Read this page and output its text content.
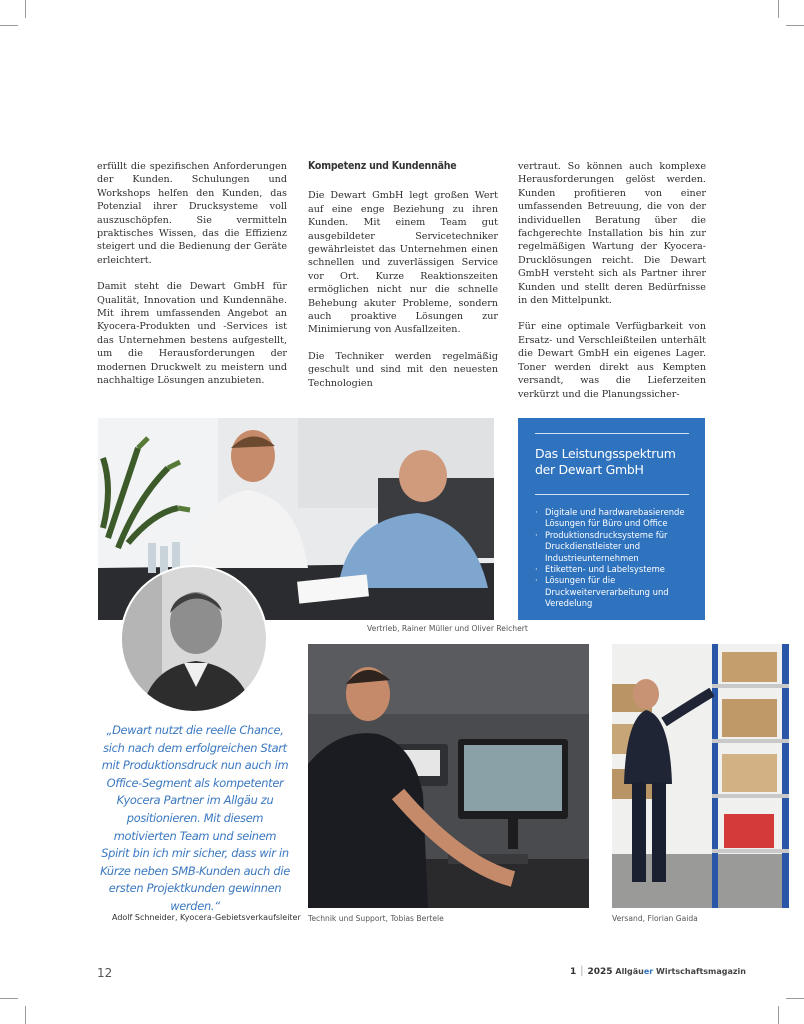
erfüllt die spezifischen Anforderungen der Kunden. Schulungen und Workshops helfen den Kunden, das Potenzial ihrer Drucksysteme voll auszuschöpfen. Sie vermitteln praktisches Wissen, das die Effizienz steigert und die Bedienung der Geräte erleichtert.

Damit steht die Dewart GmbH für Qualität, Innovation und Kundennähe. Mit ihrem umfassenden Angebot an Kyocera-Produkten und -Services ist das Unternehmen bestens aufgestellt, um die Herausforderungen der modernen Druckwelt zu meistern und nachhaltige Lösungen anzubieten.

Kompetenz und Kundennähe

Die Dewart GmbH legt großen Wert auf eine enge Beziehung zu ihren Kunden. Mit einem Team gut ausgebildeter Servicetechniker gewährleistet das Unternehmen einen schnellen und zuverlässigen Service vor Ort. Kurze Reaktionszeiten ermöglichen nicht nur die schnelle Behebung akuter Probleme, sondern auch proaktive Lösungen zur Minimierung von Ausfallzeiten.

Die Techniker werden regelmäßig geschult und sind mit den neuesten Technologien

vertraut. So können auch komplexe Herausforderungen gelöst werden. Kunden profitieren von einer umfassenden Betreuung, die von der individuellen Beratung über die fachgerechte Installation bis hin zur regelmäßigen Wartung der Kyocera-Drucklösungen reicht. Die Dewart GmbH versteht sich als Partner ihrer Kunden und stellt deren Bedürfnisse in den Mittelpunkt.

Für eine optimale Verfügbarkeit von Ersatz- und Verschleißteilen unterhält die Dewart GmbH ein eigenes Lager. Toner werden direkt aus Kempten versandt, was die Lieferzeiten verkürzt und die Planungssicher-

Vertrieb, Rainer Müller und Oliver Reichert
Das Leistungsspektrum der Dewart GmbH
· Digitale und hardwarebasierende Lösungen für Büro und Office
· Produktionsdrucksysteme für Druckdienstleister und Industrieunternehmen
· Etiketten- und Labelsysteme
· Lösungen für die Druckweiterverarbeitung und Veredelung
Technik und Support, Tobias Bertele	Versand, Florian Gaida
„Dewart nutzt die reelle Chance, sich nach dem erfolgreichen Start mit Produktionsdruck nun auch im Office-Segment als kompetenter Kyocera Partner im Allgäu zu positionieren. Mit diesem motivierten Team und seinem Spirit bin ich mir sicher, dass wir in Kürze neben SMB-Kunden auch die ersten Projektkunden gewinnen werden.“
Adolf Schneider, Kyocera-Gebietsverkaufsleiter
12	1 │ 2025 Allgäuer Wirtschaftsmagazin
